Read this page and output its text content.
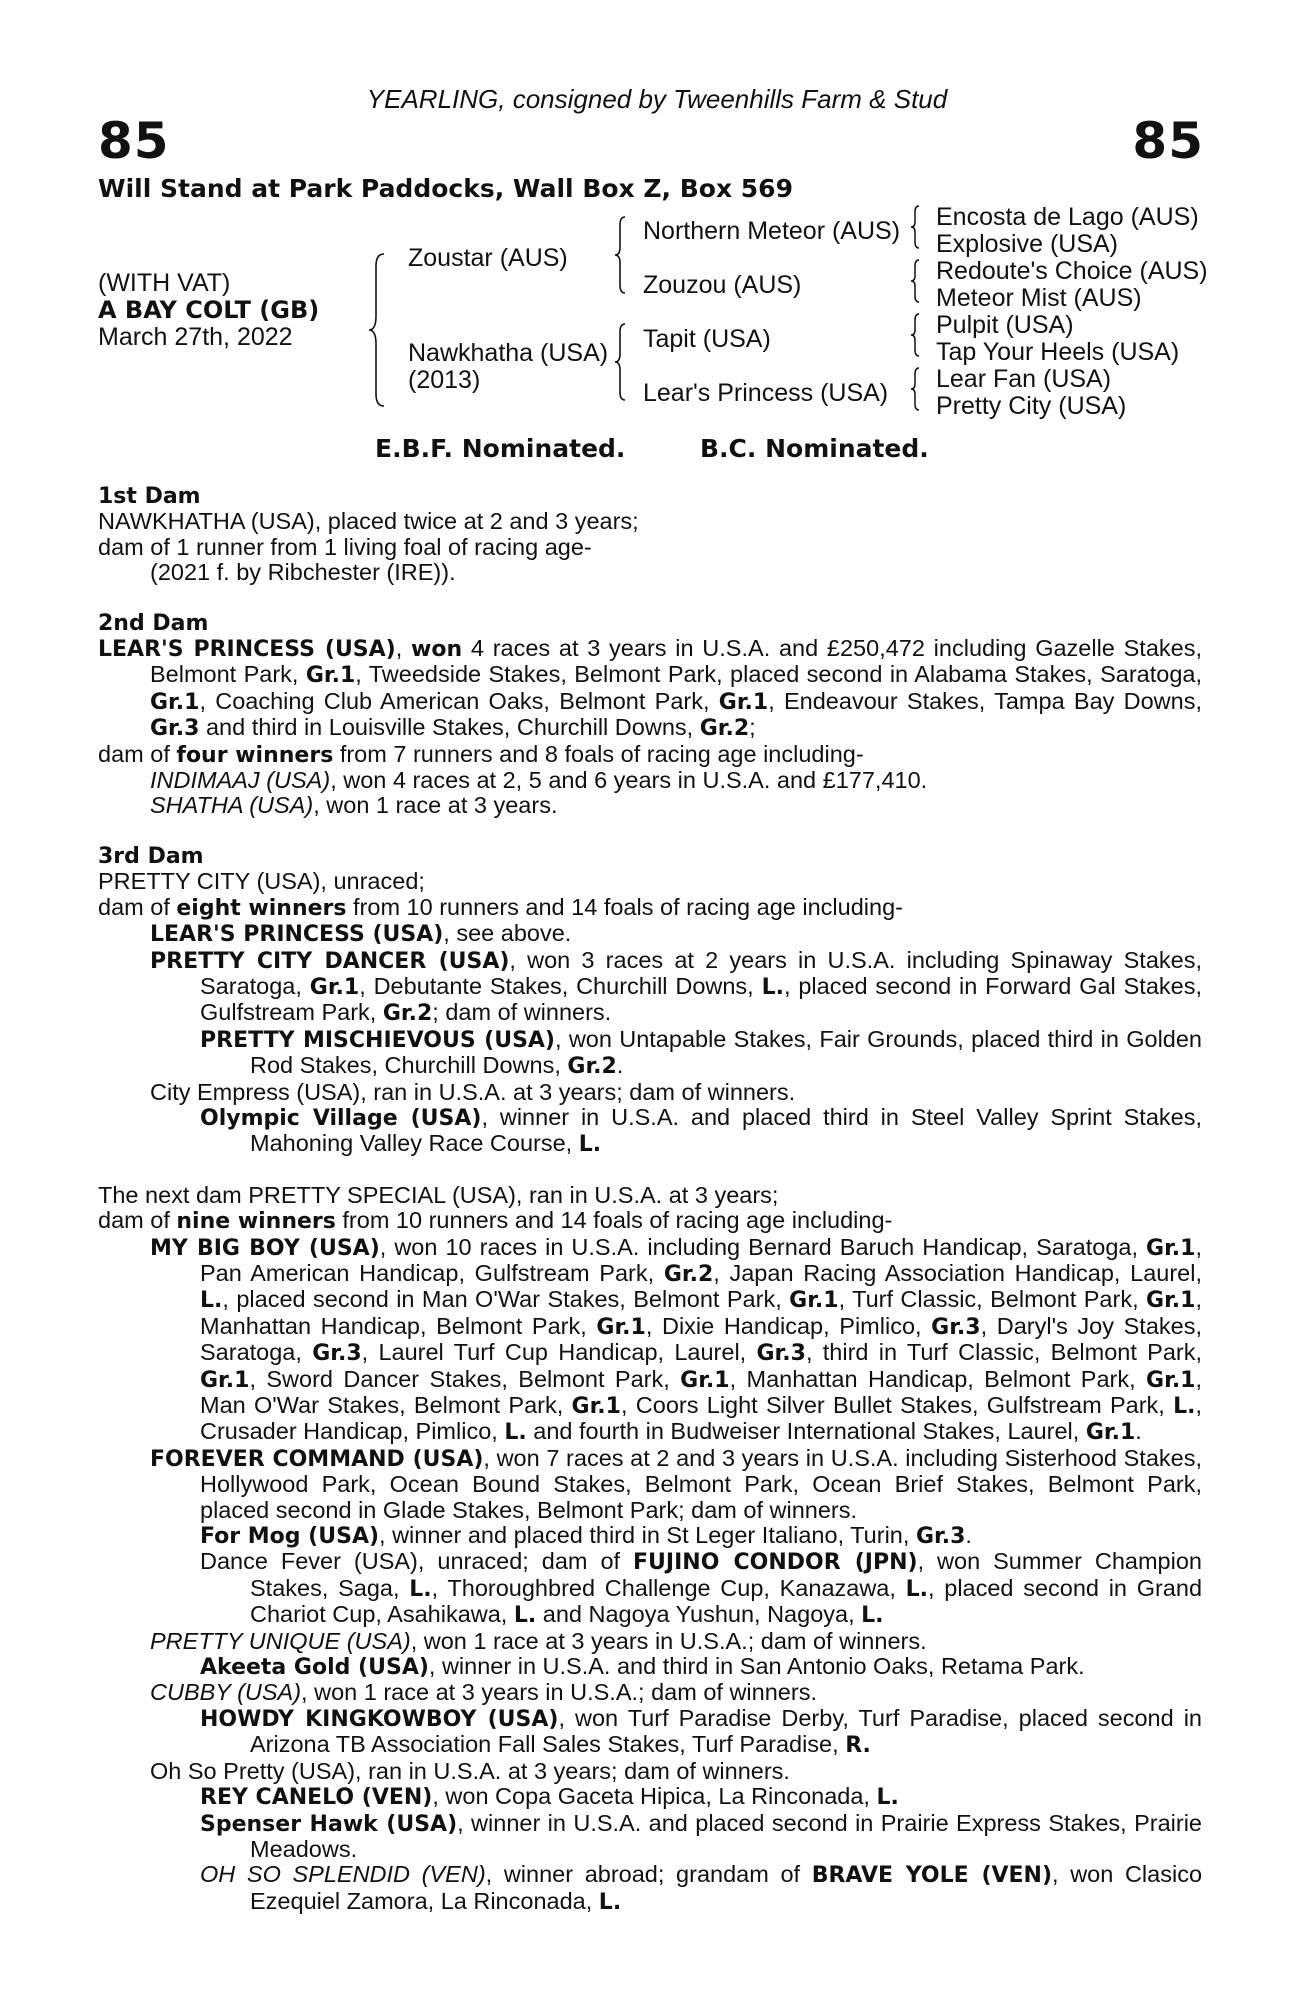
YEARLING, consigned by Tweenhills Farm & Stud
85	85
Will Stand at Park Paddocks, Wall Box Z, Box 569
(WITH VAT)
A BAY COLT (GB)
March 27th, 2022
Zoustar (AUS)
Nawkhatha (USA)
(2013)
Northern Meteor (AUS)
Zouzou (AUS)
Tapit (USA)
Lear's Princess (USA)
Encosta de Lago (AUS)
Explosive (USA)
Redoute's Choice (AUS)
Meteor Mist (AUS)
Pulpit (USA)
Tap Your Heels (USA)
Lear Fan (USA)
Pretty City (USA)
E.B.F. Nominated.	B.C. Nominated.
1st Dam
NAWKHATHA (USA), placed twice at 2 and 3 years;
dam of 1 runner from 1 living foal of racing age-
(2021 f. by Ribchester (IRE)).
2nd Dam
LEAR'S PRINCESS (USA), won 4 races at 3 years in U.S.A. and £250,472 including Gazelle Stakes, Belmont Park, Gr.1, Tweedside Stakes, Belmont Park, placed second in Alabama Stakes, Saratoga, Gr.1, Coaching Club American Oaks, Belmont Park, Gr.1, Endeavour Stakes, Tampa Bay Downs, Gr.3 and third in Louisville Stakes, Churchill Downs, Gr.2;
dam of four winners from 7 runners and 8 foals of racing age including-
INDIMAAJ (USA), won 4 races at 2, 5 and 6 years in U.S.A. and £177,410.
SHATHA (USA), won 1 race at 3 years.
3rd Dam
PRETTY CITY (USA), unraced;
dam of eight winners from 10 runners and 14 foals of racing age including-
LEAR'S PRINCESS (USA), see above.
PRETTY CITY DANCER (USA), won 3 races at 2 years in U.S.A. including Spinaway Stakes, Saratoga, Gr.1, Debutante Stakes, Churchill Downs, L., placed second in Forward Gal Stakes, Gulfstream Park, Gr.2; dam of winners.
PRETTY MISCHIEVOUS (USA), won Untapable Stakes, Fair Grounds, placed third in Golden Rod Stakes, Churchill Downs, Gr.2.
City Empress (USA), ran in U.S.A. at 3 years; dam of winners.
Olympic Village (USA), winner in U.S.A. and placed third in Steel Valley Sprint Stakes, Mahoning Valley Race Course, L.
The next dam PRETTY SPECIAL (USA), ran in U.S.A. at 3 years;
dam of nine winners from 10 runners and 14 foals of racing age including-
MY BIG BOY (USA), won 10 races in U.S.A. including Bernard Baruch Handicap, Saratoga, Gr.1, Pan American Handicap, Gulfstream Park, Gr.2, Japan Racing Association Handicap, Laurel, L., placed second in Man O'War Stakes, Belmont Park, Gr.1, Turf Classic, Belmont Park, Gr.1, Manhattan Handicap, Belmont Park, Gr.1, Dixie Handicap, Pimlico, Gr.3, Daryl's Joy Stakes, Saratoga, Gr.3, Laurel Turf Cup Handicap, Laurel, Gr.3, third in Turf Classic, Belmont Park, Gr.1, Sword Dancer Stakes, Belmont Park, Gr.1, Manhattan Handicap, Belmont Park, Gr.1, Man O'War Stakes, Belmont Park, Gr.1, Coors Light Silver Bullet Stakes, Gulfstream Park, L., Crusader Handicap, Pimlico, L. and fourth in Budweiser International Stakes, Laurel, Gr.1.
FOREVER COMMAND (USA), won 7 races at 2 and 3 years in U.S.A. including Sisterhood Stakes, Hollywood Park, Ocean Bound Stakes, Belmont Park, Ocean Brief Stakes, Belmont Park, placed second in Glade Stakes, Belmont Park; dam of winners.
For Mog (USA), winner and placed third in St Leger Italiano, Turin, Gr.3.
Dance Fever (USA), unraced; dam of FUJINO CONDOR (JPN), won Summer Champion Stakes, Saga, L., Thoroughbred Challenge Cup, Kanazawa, L., placed second in Grand Chariot Cup, Asahikawa, L. and Nagoya Yushun, Nagoya, L.
PRETTY UNIQUE (USA), won 1 race at 3 years in U.S.A.; dam of winners.
Akeeta Gold (USA), winner in U.S.A. and third in San Antonio Oaks, Retama Park.
CUBBY (USA), won 1 race at 3 years in U.S.A.; dam of winners.
HOWDY KINGKOWBOY (USA), won Turf Paradise Derby, Turf Paradise, placed second in Arizona TB Association Fall Sales Stakes, Turf Paradise, R.
Oh So Pretty (USA), ran in U.S.A. at 3 years; dam of winners.
REY CANELO (VEN), won Copa Gaceta Hipica, La Rinconada, L.
Spenser Hawk (USA), winner in U.S.A. and placed second in Prairie Express Stakes, Prairie Meadows.
OH SO SPLENDID (VEN), winner abroad; grandam of BRAVE YOLE (VEN), won Clasico Ezequiel Zamora, La Rinconada, L.
